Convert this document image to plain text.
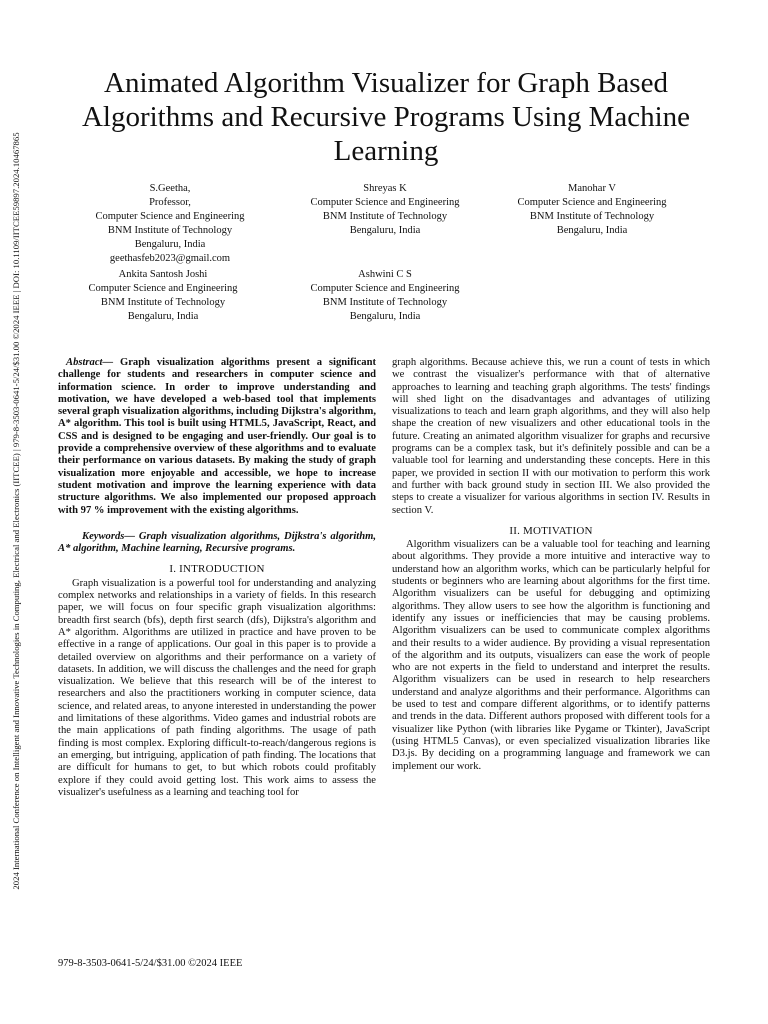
2024 International Conference on Intelligent and Innovative Technologies in Computing, Electrical and Electronics (IITCEE) | 979-8-3503-0641-5/24/$31.00 ©2024 IEEE | DOI: 10.1109/IITCEE59897.2024.10467865
Animated Algorithm Visualizer for Graph Based Algorithms and Recursive Programs Using Machine Learning
S.Geetha,
Professor,
Computer Science and Engineering
BNM Institute of Technology
Bengaluru, India
geethasfeb2023@gmail.com
Shreyas K
Computer Science and Engineering
BNM Institute of Technology
Bengaluru, India
Manohar V
Computer Science and Engineering
BNM Institute of Technology
Bengaluru, India
Ankita Santosh Joshi
Computer Science and Engineering
BNM Institute of Technology
Bengaluru, India
Ashwini C S
Computer Science and Engineering
BNM Institute of Technology
Bengaluru, India

Abstract— Graph visualization algorithms present a significant challenge for students and researchers in computer science and information science. In order to improve understanding and motivation, we have developed a web-based tool that implements several graph visualization algorithms, including Dijkstra's algorithm, A* algorithm. This tool is built using HTML5, JavaScript, React, and CSS and is designed to be engaging and user-friendly. Our goal is to provide a comprehensive overview of these algorithms and to evaluate their performance on various datasets. By making the study of graph visualization more enjoyable and accessible, we hope to increase student motivation and improve the learning experience with data structure algorithms. We also implemented our proposed approach with 97 % improvement with the existing algorithms.

Keywords— Graph visualization algorithms, Dijkstra's algorithm, A* algorithm, Machine learning, Recursive programs.

I. INTRODUCTION

Graph visualization is a powerful tool for understanding and analyzing complex networks and relationships in a variety of fields. In this research paper, we will focus on four specific graph visualization algorithms: breadth first search (bfs), depth first search (dfs), Dijkstra's algorithm and A* algorithm. Algorithms are utilized in practice and have proven to be effective in a range of applications. Our goal in this paper is to provide a detailed overview on algorithms and their performance on a variety of datasets. In addition, we will discuss the challenges and the need for graph visualization. We believe that this research will be of the interest to researchers and also the practitioners working in computer science, data science, and related areas, to anyone interested in understanding the power and limitations of these algorithms. Video games and industrial robots are the main applications of path finding algorithms. The usage of path finding is most complex. Exploring difficult-to-reach/dangerous regions is an emerging, but intriguing, application of path finding. The locations that are difficult for humans to get, to but which robots could profitably explore if they could avoid getting lost. This work aims to assess the visualizer's usefulness as a learning and teaching tool for

graph algorithms. Because achieve this, we run a count of tests in which we contrast the visualizer's performance with that of alternative approaches to learning and teaching graph algorithms. The tests' findings will shed light on the disadvantages and advantages of utilizing visualizations to teach and learn graph algorithms, and they will also help shape the creation of new visualizers and other educational tools in the future. Creating an animated algorithm visualizer for graphs and recursive programs can be a complex task, but it's definitely possible and can be a valuable tool for learning and understanding these concepts. Here in this paper, we provided in section II with our motivation to perform this work and further with back ground study in section III. We also provided the steps to create a visualizer for various algorithms in section IV. Results in section V.

II. MOTIVATION

Algorithm visualizers can be a valuable tool for teaching and learning about algorithms. They provide a more intuitive and interactive way to understand how an algorithm works, which can be particularly helpful for students or beginners who are learning about algorithms for the first time. Algorithm visualizers can be useful for debugging and optimizing algorithms. They allow users to see how the algorithm is functioning and identify any issues or inefficiencies that may be causing problems. Algorithm visualizers can be used to communicate complex algorithms and their results to a wider audience. By providing a visual representation of the algorithm and its outputs, visualizers can ease the work of people who are not experts in the field to understand and interpret the results. Algorithm visualizers can be used in research to help researchers understand and analyze algorithms and their performance. Algorithms can be used to test and compare different algorithms, or to identify patterns and trends in the data. Different authors proposed with different tools for a visualizer like Python (with libraries like Pygame or Tkinter), JavaScript (using HTML5 Canvas), or even specialized visualization libraries like D3.js. By deciding on a programming language and framework we can implement our work.

979-8-3503-0641-5/24/$31.00 ©2024 IEEE
